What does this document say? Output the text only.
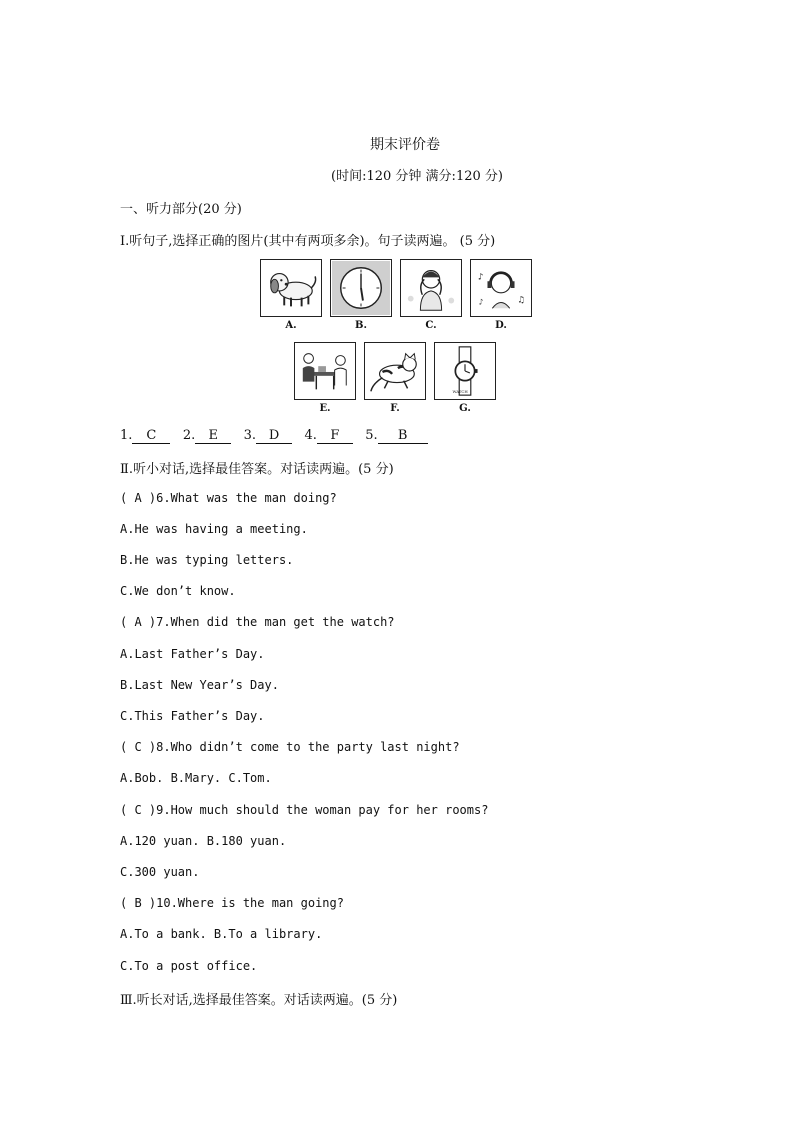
期末评价卷
(时间:120 分钟 满分:120 分)
一、听力部分(20 分)
Ⅰ.听句子,选择正确的图片(其中有两项多余)。句子读两遍。 (5 分)
♪
♫
♪
A.	B.	C.	D.
WATCH
E.	F.	G.
1. C 2. E 3. D 4. F 5. B
Ⅱ.听小对话,选择最佳答案。对话读两遍。(5 分)
( A )6.What was the man doing?
A.He was having a meeting.
B.He was typing letters.
C.We don’t know.
( A )7.When did the man get the watch?
A.Last Father’s Day.
B.Last New Year’s Day.
C.This Father’s Day.
( C )8.Who didn’t come to the party last night?
A.Bob. B.Mary. C.Tom.
( C )9.How much should the woman pay for her rooms?
A.120 yuan. B.180 yuan.
C.300 yuan.
( B )10.Where is the man going?
A.To a bank. B.To a library.
C.To a post office.
Ⅲ.听长对话,选择最佳答案。对话读两遍。(5 分)
